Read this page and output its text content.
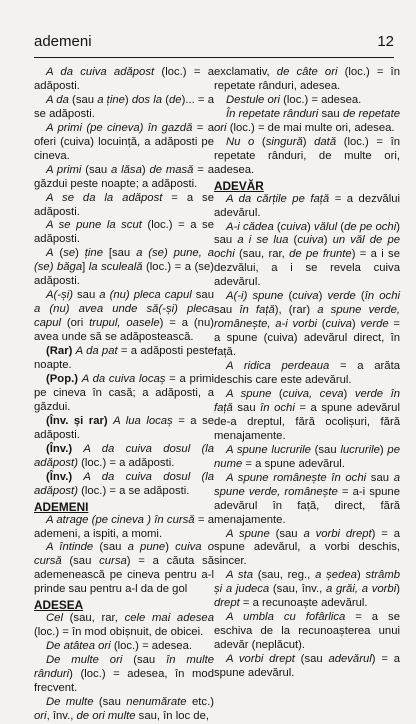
ademeni	12

A da cuiva adăpost (loc.) = a adăposti.

A da (sau a ține) dos la (de)... = a se adăposti.

A primi (pe cineva) în gazdă = a oferi (cuiva) locuință, a adăposti pe cineva.

A primi (sau a lăsa) de masă = a găzdui peste noapte; a adăposti.

A se da la adăpost = a se adăposti.

A se pune la scut (loc.) = a se adăposti.

A (se) ține [sau a (se) pune, a (se) băga] la sculeală (loc.) = a (se) adăposti.

A(-și) sau a (nu) pleca capul sau a (nu) avea unde să(-și) pleca capul (ori trupul, oasele) = a (nu) avea unde să se adăpostească.

(Rar) A da pat = a adăposti peste noapte.

(Pop.) A da cuiva locaș = a primi pe cineva în casă; a adăposti, a găzdui.

(Înv. și rar) A lua locaș = a se adăposti.

(Înv.) A da cuiva dosul (la adăpost) (loc.) = a adăposti.

(Înv.) A da cuiva dosul (la adăpost) (loc.) = a se adăposti.

ADEMENI

A atrage (pe cineva ) în cursă = a ademeni, a ispiti, a momi.

A întinde (sau a pune) cuiva o cursă (sau cursa) = a căuta să ademenească pe cineva pentru a-l prinde sau pentru a-l da de gol

ADESEA

Cel (sau, rar, cele mai adesea (loc.) = în mod obișnuit, de obicei.

De atâtea ori (loc.) = adesea.

De multe ori (sau în multe rânduri) (loc.) = adesea, în mod frecvent.

De multe (sau nenumărate etc.) ori, înv., de ori multe sau, în loc de,

exclamativ, de câte ori (loc.) = în repetate rânduri, adesea.

Destule ori (loc.) = adesea.

În repetate rânduri sau de repetate ori (loc.) = de mai multe ori, adesea.

Nu o (singură) dată (loc.) = în repetate rânduri, de multe ori, adesea.

ADEVĂR

A da cărțile pe față = a dezvălui adevărul.

A-i cădea (cuiva) vălul (de pe ochi) sau a i se lua (cuiva) un văl de pe ochi (sau, rar, de pe frunte) = a i se dezvălui, a i se revela cuiva adevărul.

A(-i) spune (cuiva) verde (în ochi sau în față), (rar) a spune verde, românește, a-i vorbi (cuiva) verde = a spune (cuiva) adevărul direct, în față.

A ridica perdeaua = a arăta deschis care este adevărul.

A spune (cuiva, ceva) verde în față sau în ochi = a spune adevărul de-a dreptul, fără ocolișuri, fără menajamente.

A spune lucrurile (sau lucrurile) pe nume = a spune adevărul.

A spune românește în ochi sau a spune verde, românește = a-i spune adevărul în față, direct, fără menajamente.

A spune (sau a vorbi drept) = a spune adevărul, a vorbi deschis, sincer.

A sta (sau, reg., a ședea) strâmb și a judeca (sau, înv., a grăi, a vorbi) drept = a recunoaște adevărul.

A umbla cu fofârlica = a se eschiva de la recunoașterea unui adevăr (neplăcut).

A vorbi drept (sau adevărul) = a spune adevărul.
